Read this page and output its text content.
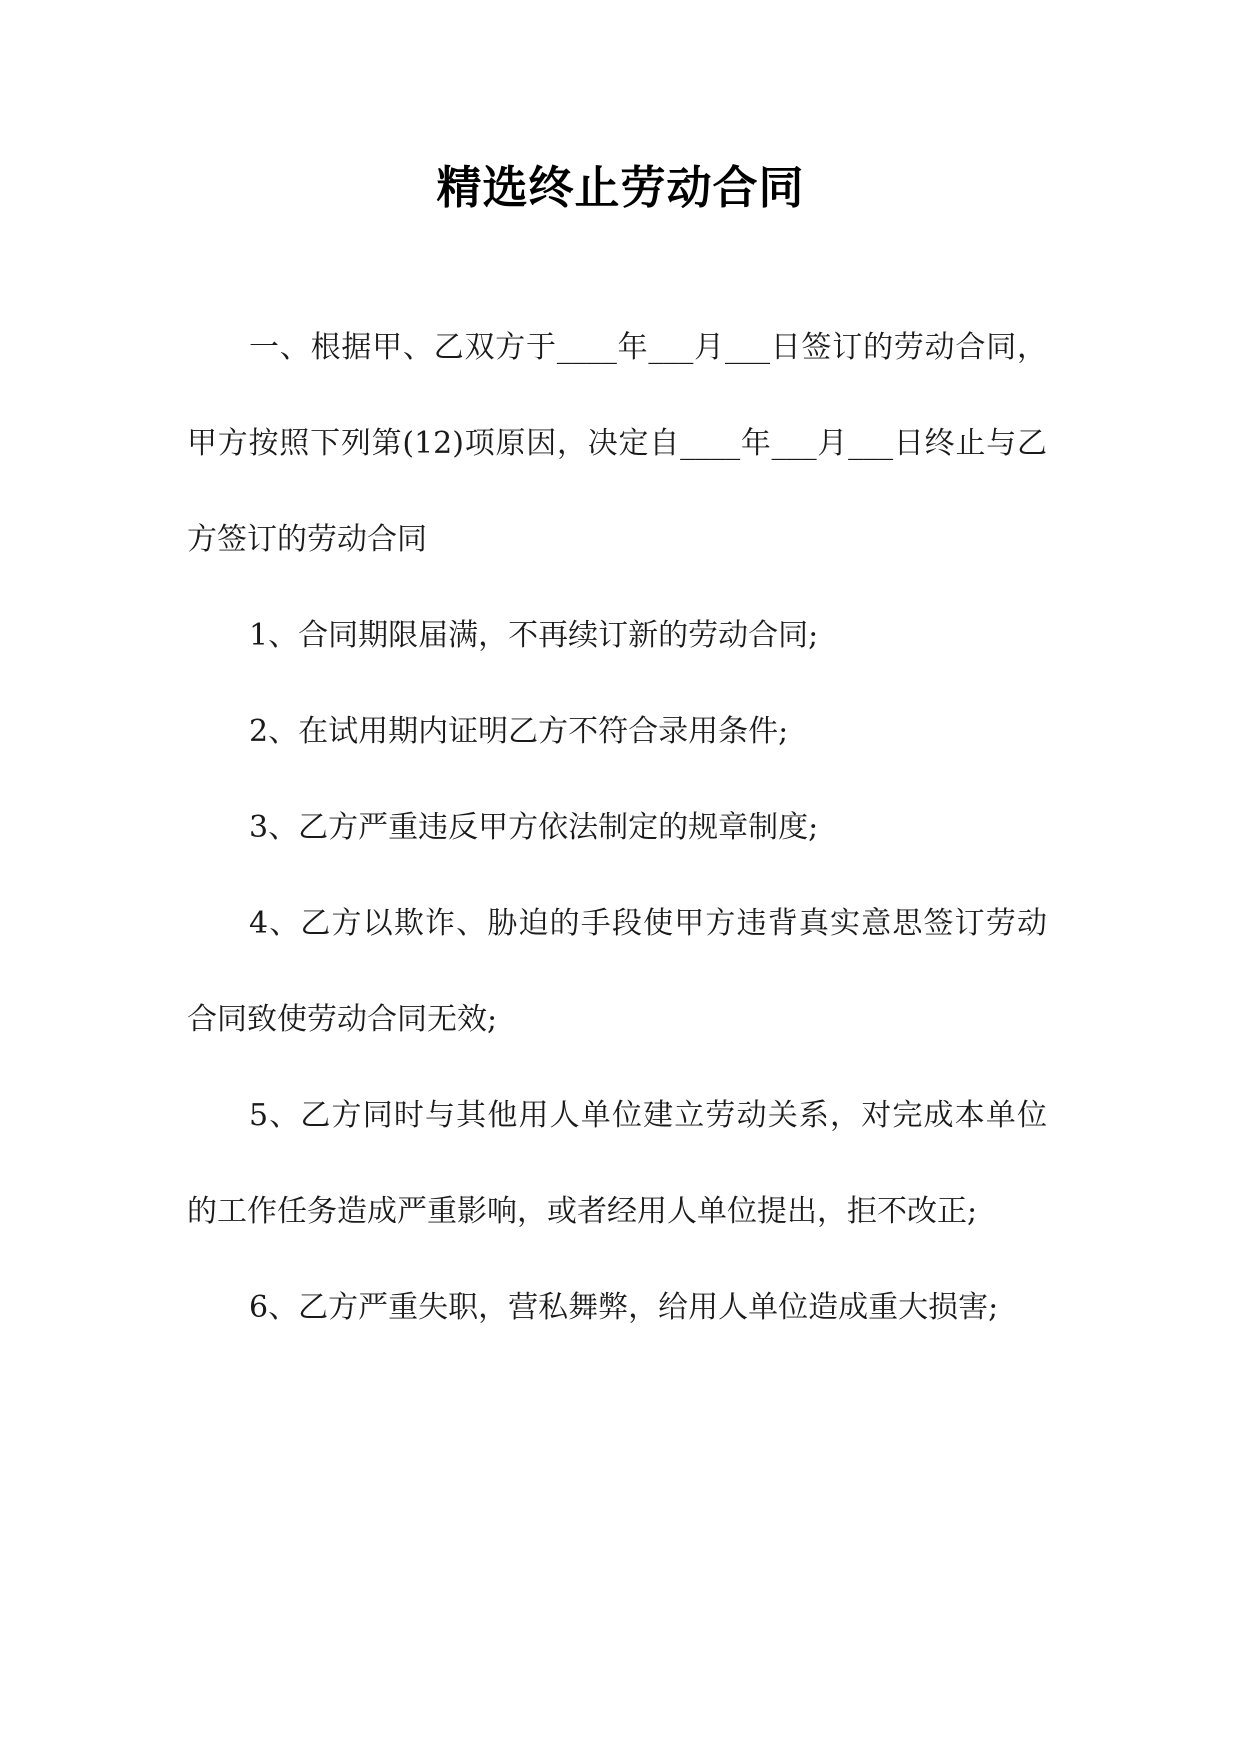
精选终止劳动合同

一、根据甲、乙双方于____年___月___日签订的劳动合同，甲方按照下列第(12)项原因，决定自____年___月___日终止与乙方签订的劳动合同

1、合同期限届满，不再续订新的劳动合同;

2、在试用期内证明乙方不符合录用条件;

3、乙方严重违反甲方依法制定的规章制度;

4、乙方以欺诈、胁迫的手段使甲方违背真实意思签订劳动合同致使劳动合同无效;

5、乙方同时与其他用人单位建立劳动关系，对完成本单位的工作任务造成严重影响，或者经用人单位提出，拒不改正;

6、乙方严重失职，营私舞弊，给用人单位造成重大损害;
